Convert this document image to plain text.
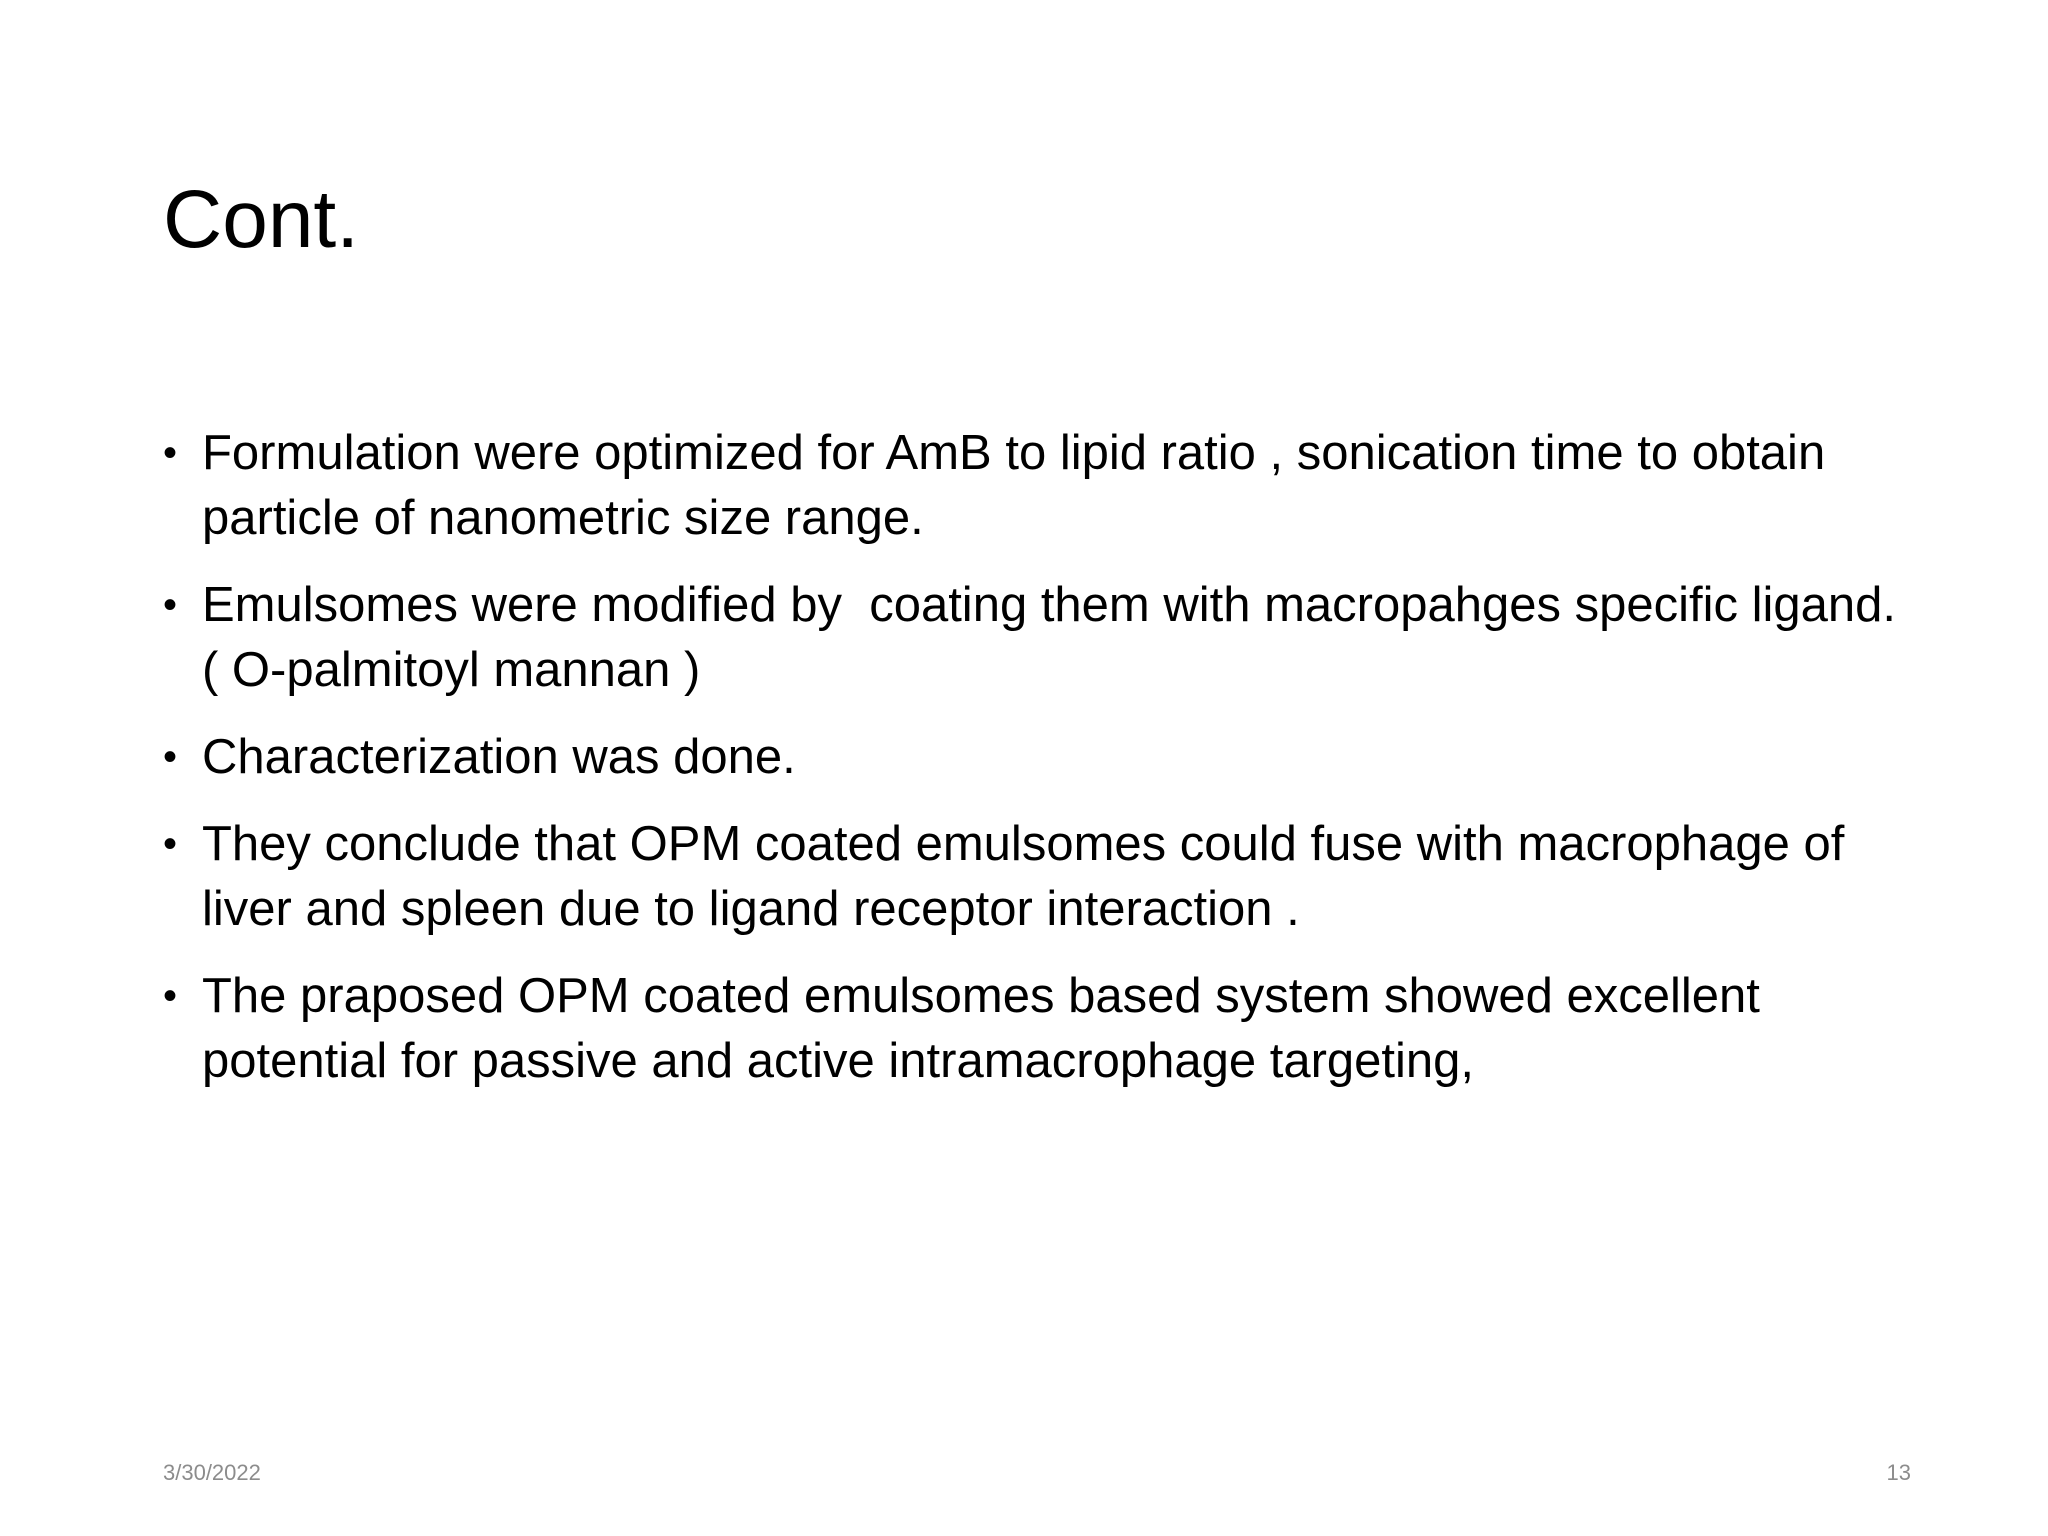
Cont.
• Formulation were optimized for AmB to lipid ratio , sonication time to obtain particle of nanometric size range.
• Emulsomes were modified by  coating them with macropahges specific ligand.( O-palmitoyl mannan )
• Characterization was done.
• They conclude that OPM coated emulsomes could fuse with macrophage of liver and spleen due to ligand receptor interaction .
• The praposed OPM coated emulsomes based system showed excellent potential for passive and active intramacrophage targeting,
3/30/2022	13
